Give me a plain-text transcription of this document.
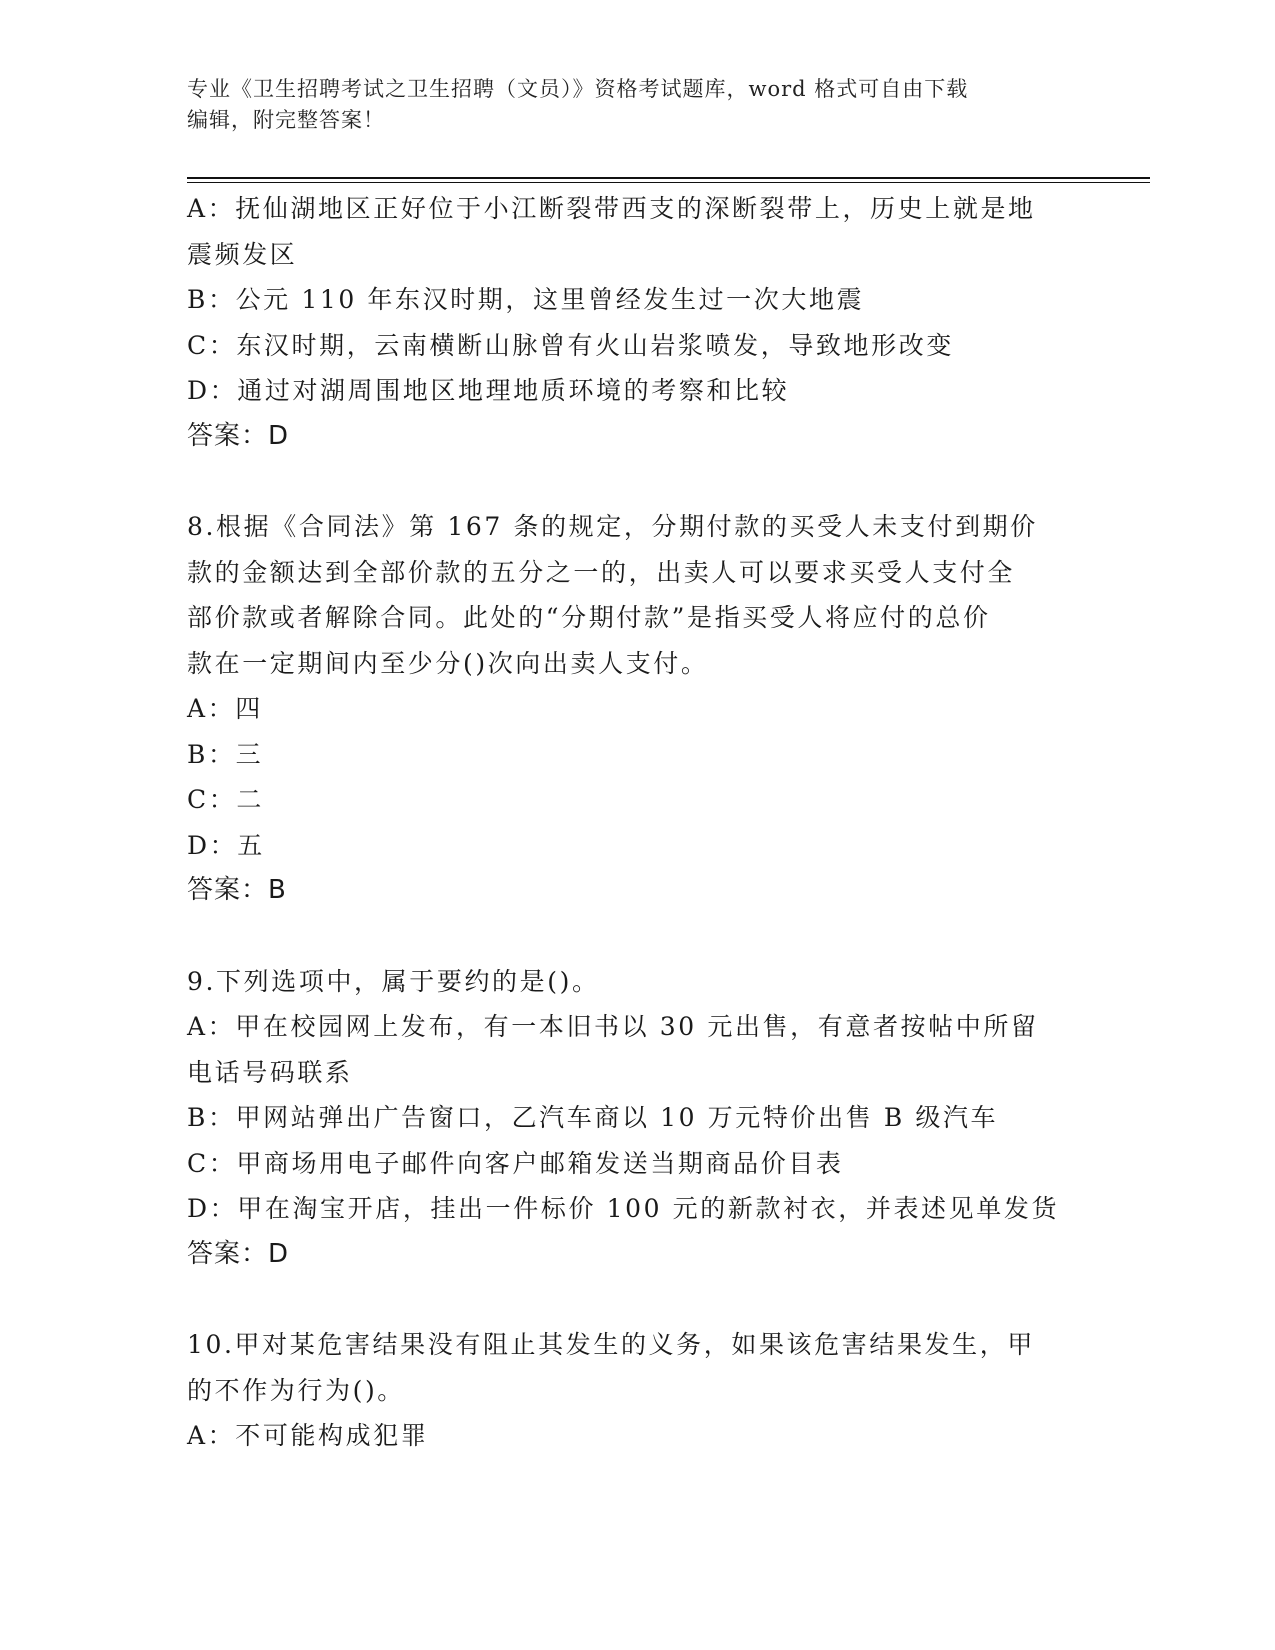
专业《卫生招聘考试之卫生招聘（文员）》资格考试题库，word 格式可自由下载
编辑，附完整答案！
A：抚仙湖地区正好位于小江断裂带西支的深断裂带上，历史上就是地
震频发区
B：公元 110 年东汉时期，这里曾经发生过一次大地震
C：东汉时期，云南横断山脉曾有火山岩浆喷发，导致地形改变
D：通过对湖周围地区地理地质环境的考察和比较
答案：D
8.根据《合同法》第 167 条的规定，分期付款的买受人未支付到期价
款的金额达到全部价款的五分之一的，出卖人可以要求买受人支付全
部价款或者解除合同。此处的“分期付款”是指买受人将应付的总价
款在一定期间内至少分()次向出卖人支付。
A：四
B：三
C：二
D：五
答案：B
9.下列选项中，属于要约的是()。
A：甲在校园网上发布，有一本旧书以 30 元出售，有意者按帖中所留
电话号码联系
B：甲网站弹出广告窗口，乙汽车商以 10 万元特价出售 B 级汽车
C：甲商场用电子邮件向客户邮箱发送当期商品价目表
D：甲在淘宝开店，挂出一件标价 100 元的新款衬衣，并表述见单发货
答案：D
10.甲对某危害结果没有阻止其发生的义务，如果该危害结果发生，甲
的不作为行为()。
A：不可能构成犯罪
